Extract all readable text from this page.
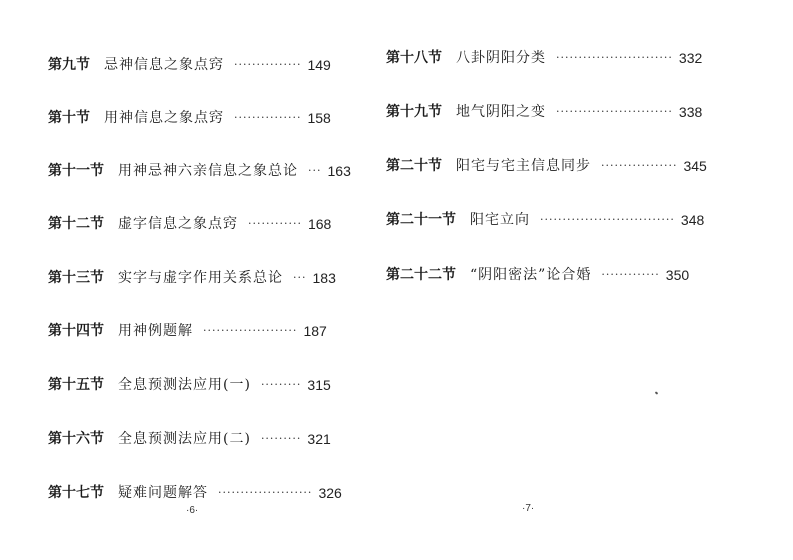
第九节 忌神信息之象点窍 ··············· 149
第十节 用神信息之象点窍 ··············· 158
第十一节 用神忌神六亲信息之象总论 ··· 163
第十二节 虚字信息之象点窍 ············ 168
第十三节 实字与虚字作用关系总论 ··· 183
第十四节 用神例题解 ····················· 187
第十五节 全息预测法应用(一) ········· 315
第十六节 全息预测法应用(二) ········· 321
第十七节 疑难问题解答 ····················· 326
·6·
第十八节 八卦阴阳分类 ·························· 332
第十九节 地气阴阳之变 ·························· 338
第二十节 阳宅与宅主信息同步 ················· 345
第二十一节 阳宅立向 ······························ 348
第二十二节 “阴阳密法”论合婚 ············· 350
·7·
